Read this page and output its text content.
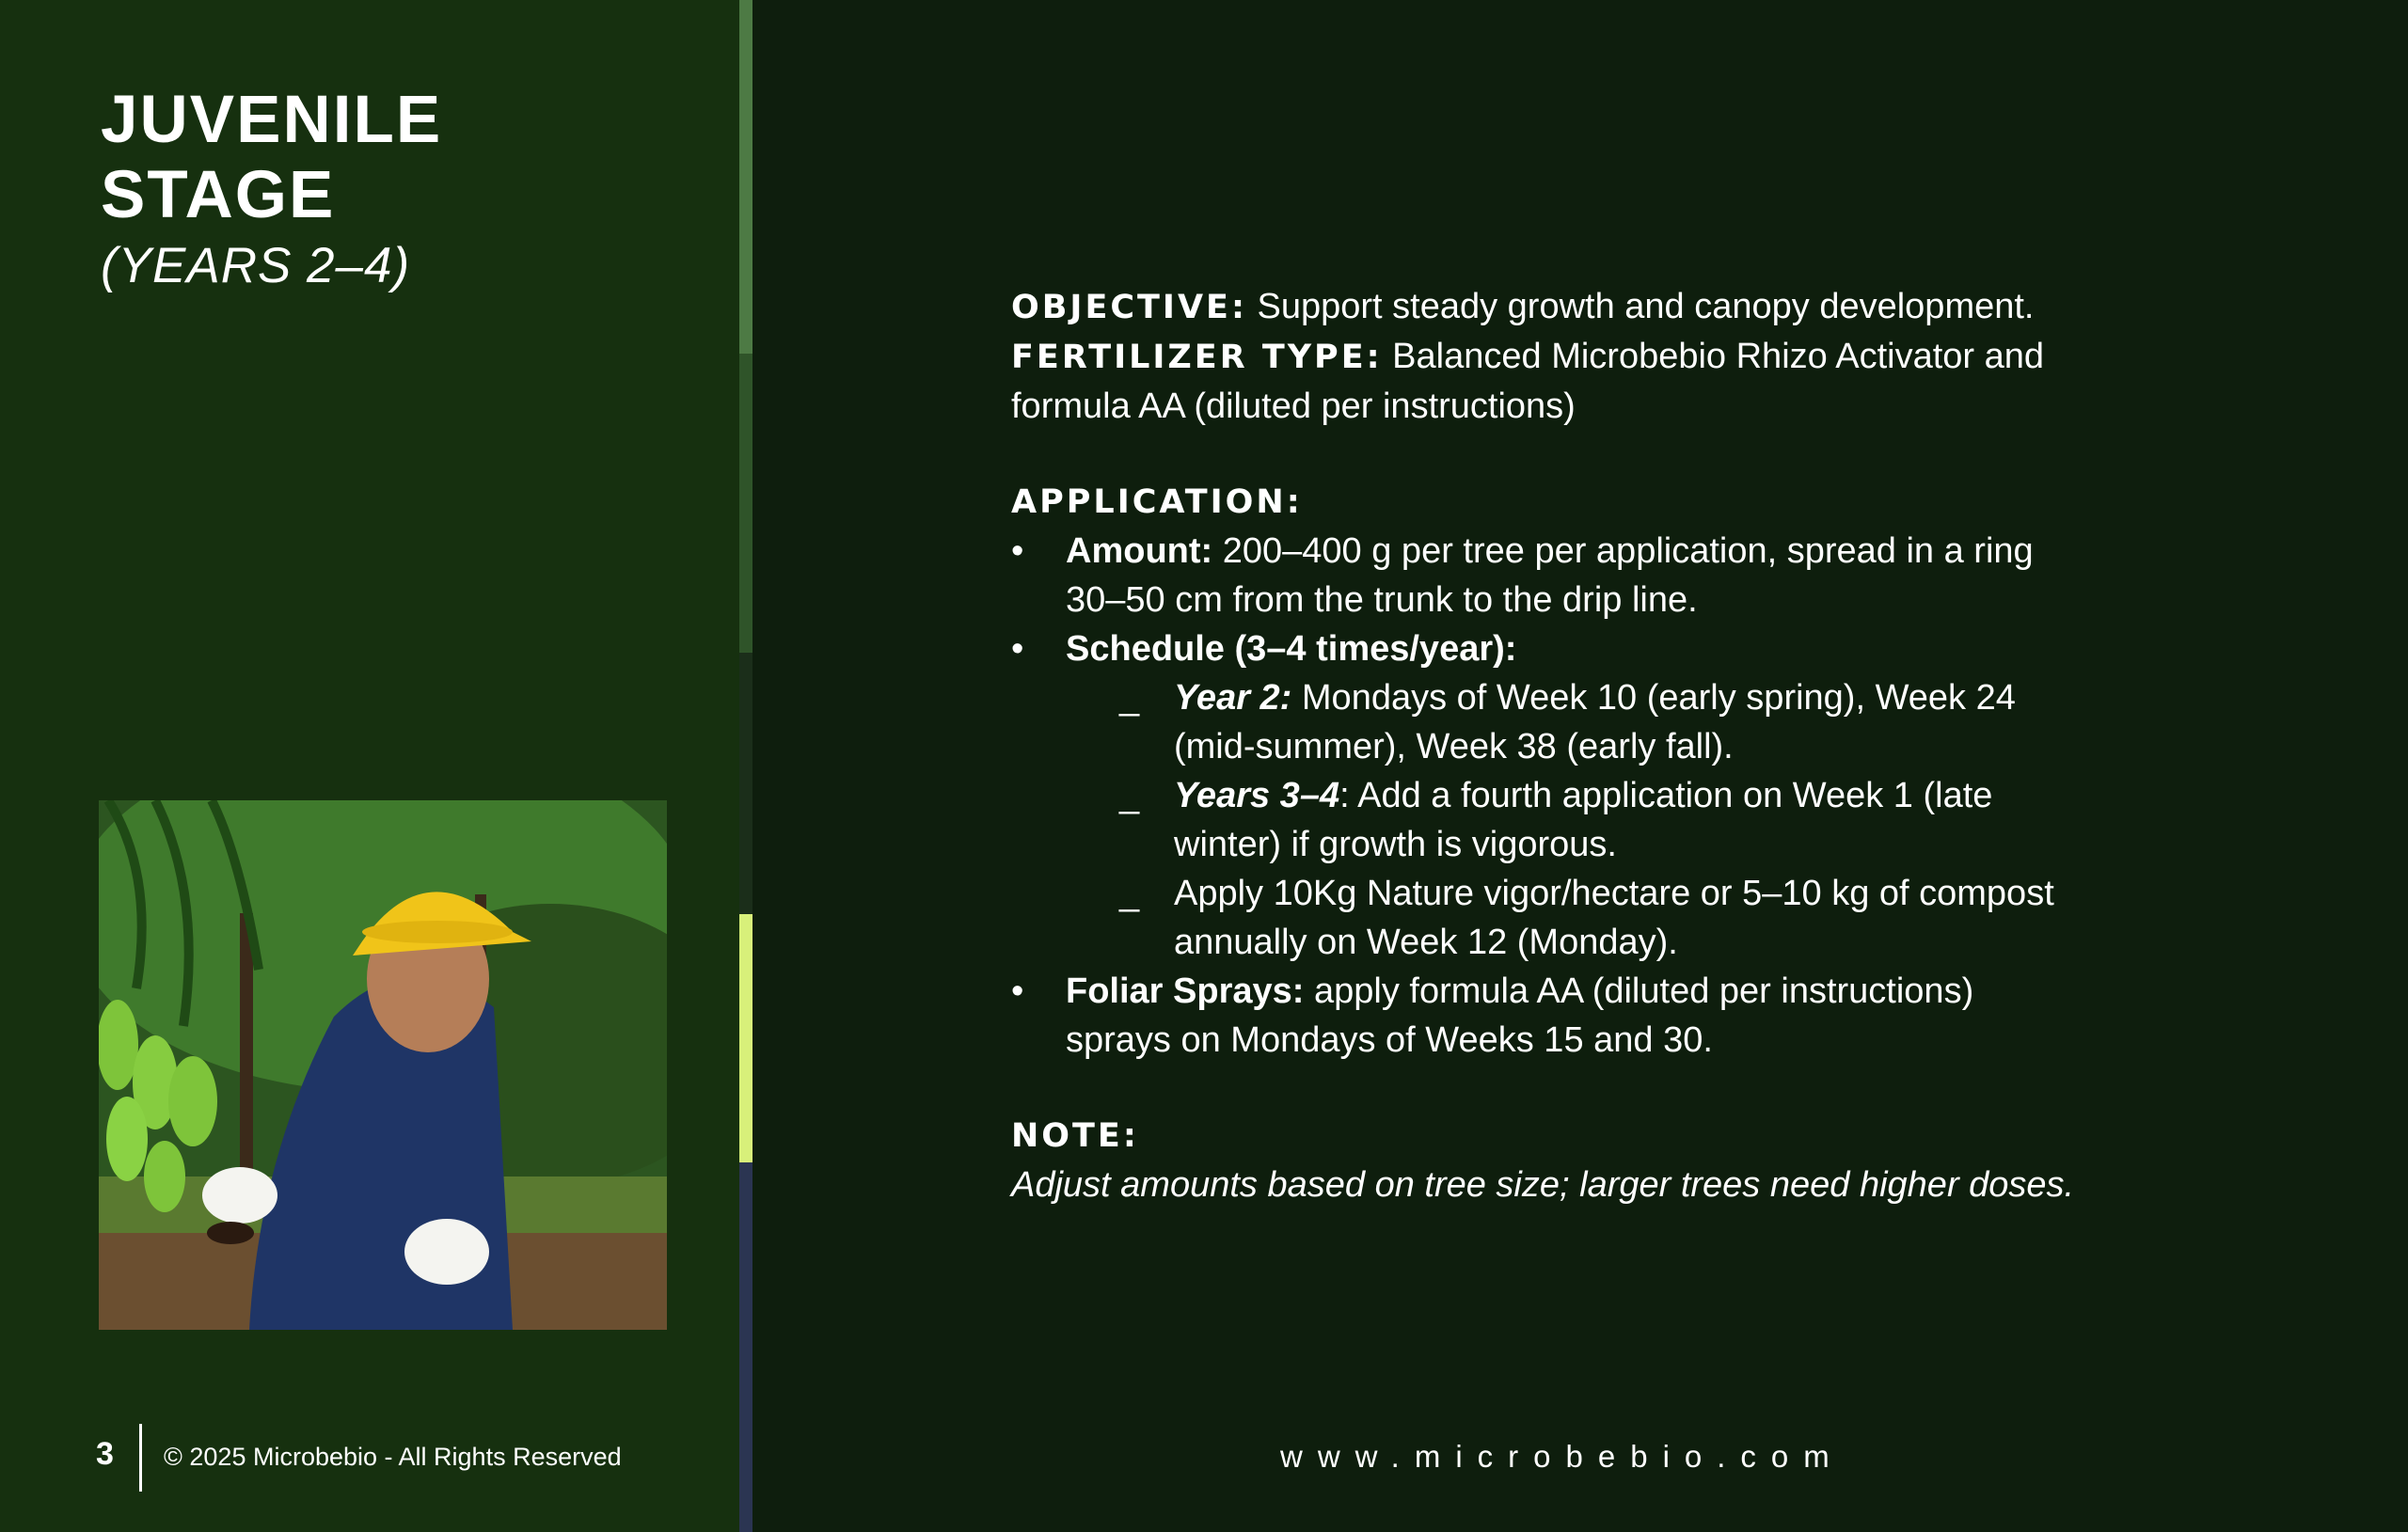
JUVENILE
STAGE
(YEARS 2–4)
3 © 2025 Microbebio - All Rights Reserved
OBJECTIVE: Support steady growth and canopy development.
FERTILIZER TYPE: Balanced Microbebio Rhizo Activator and
formula AA (diluted per instructions)
APPLICATION:
• Amount: 200–400 g per tree per application, spread in a ring
30–50 cm from the trunk to the drip line.
• Schedule (3–4 times/year):
_ Year 2: Mondays of Week 10 (early spring), Week 24
(mid-summer), Week 38 (early fall).
_ Years 3–4: Add a fourth application on Week 1 (late
winter) if growth is vigorous.
_ Apply 10Kg Nature vigor/hectare or 5–10 kg of compost
annually on Week 12 (Monday).
• Foliar Sprays: apply formula AA (diluted per instructions)
sprays on Mondays of Weeks 15 and 30.
NOTE:
Adjust amounts based on tree size; larger trees need higher doses.
www.microbebio.com
